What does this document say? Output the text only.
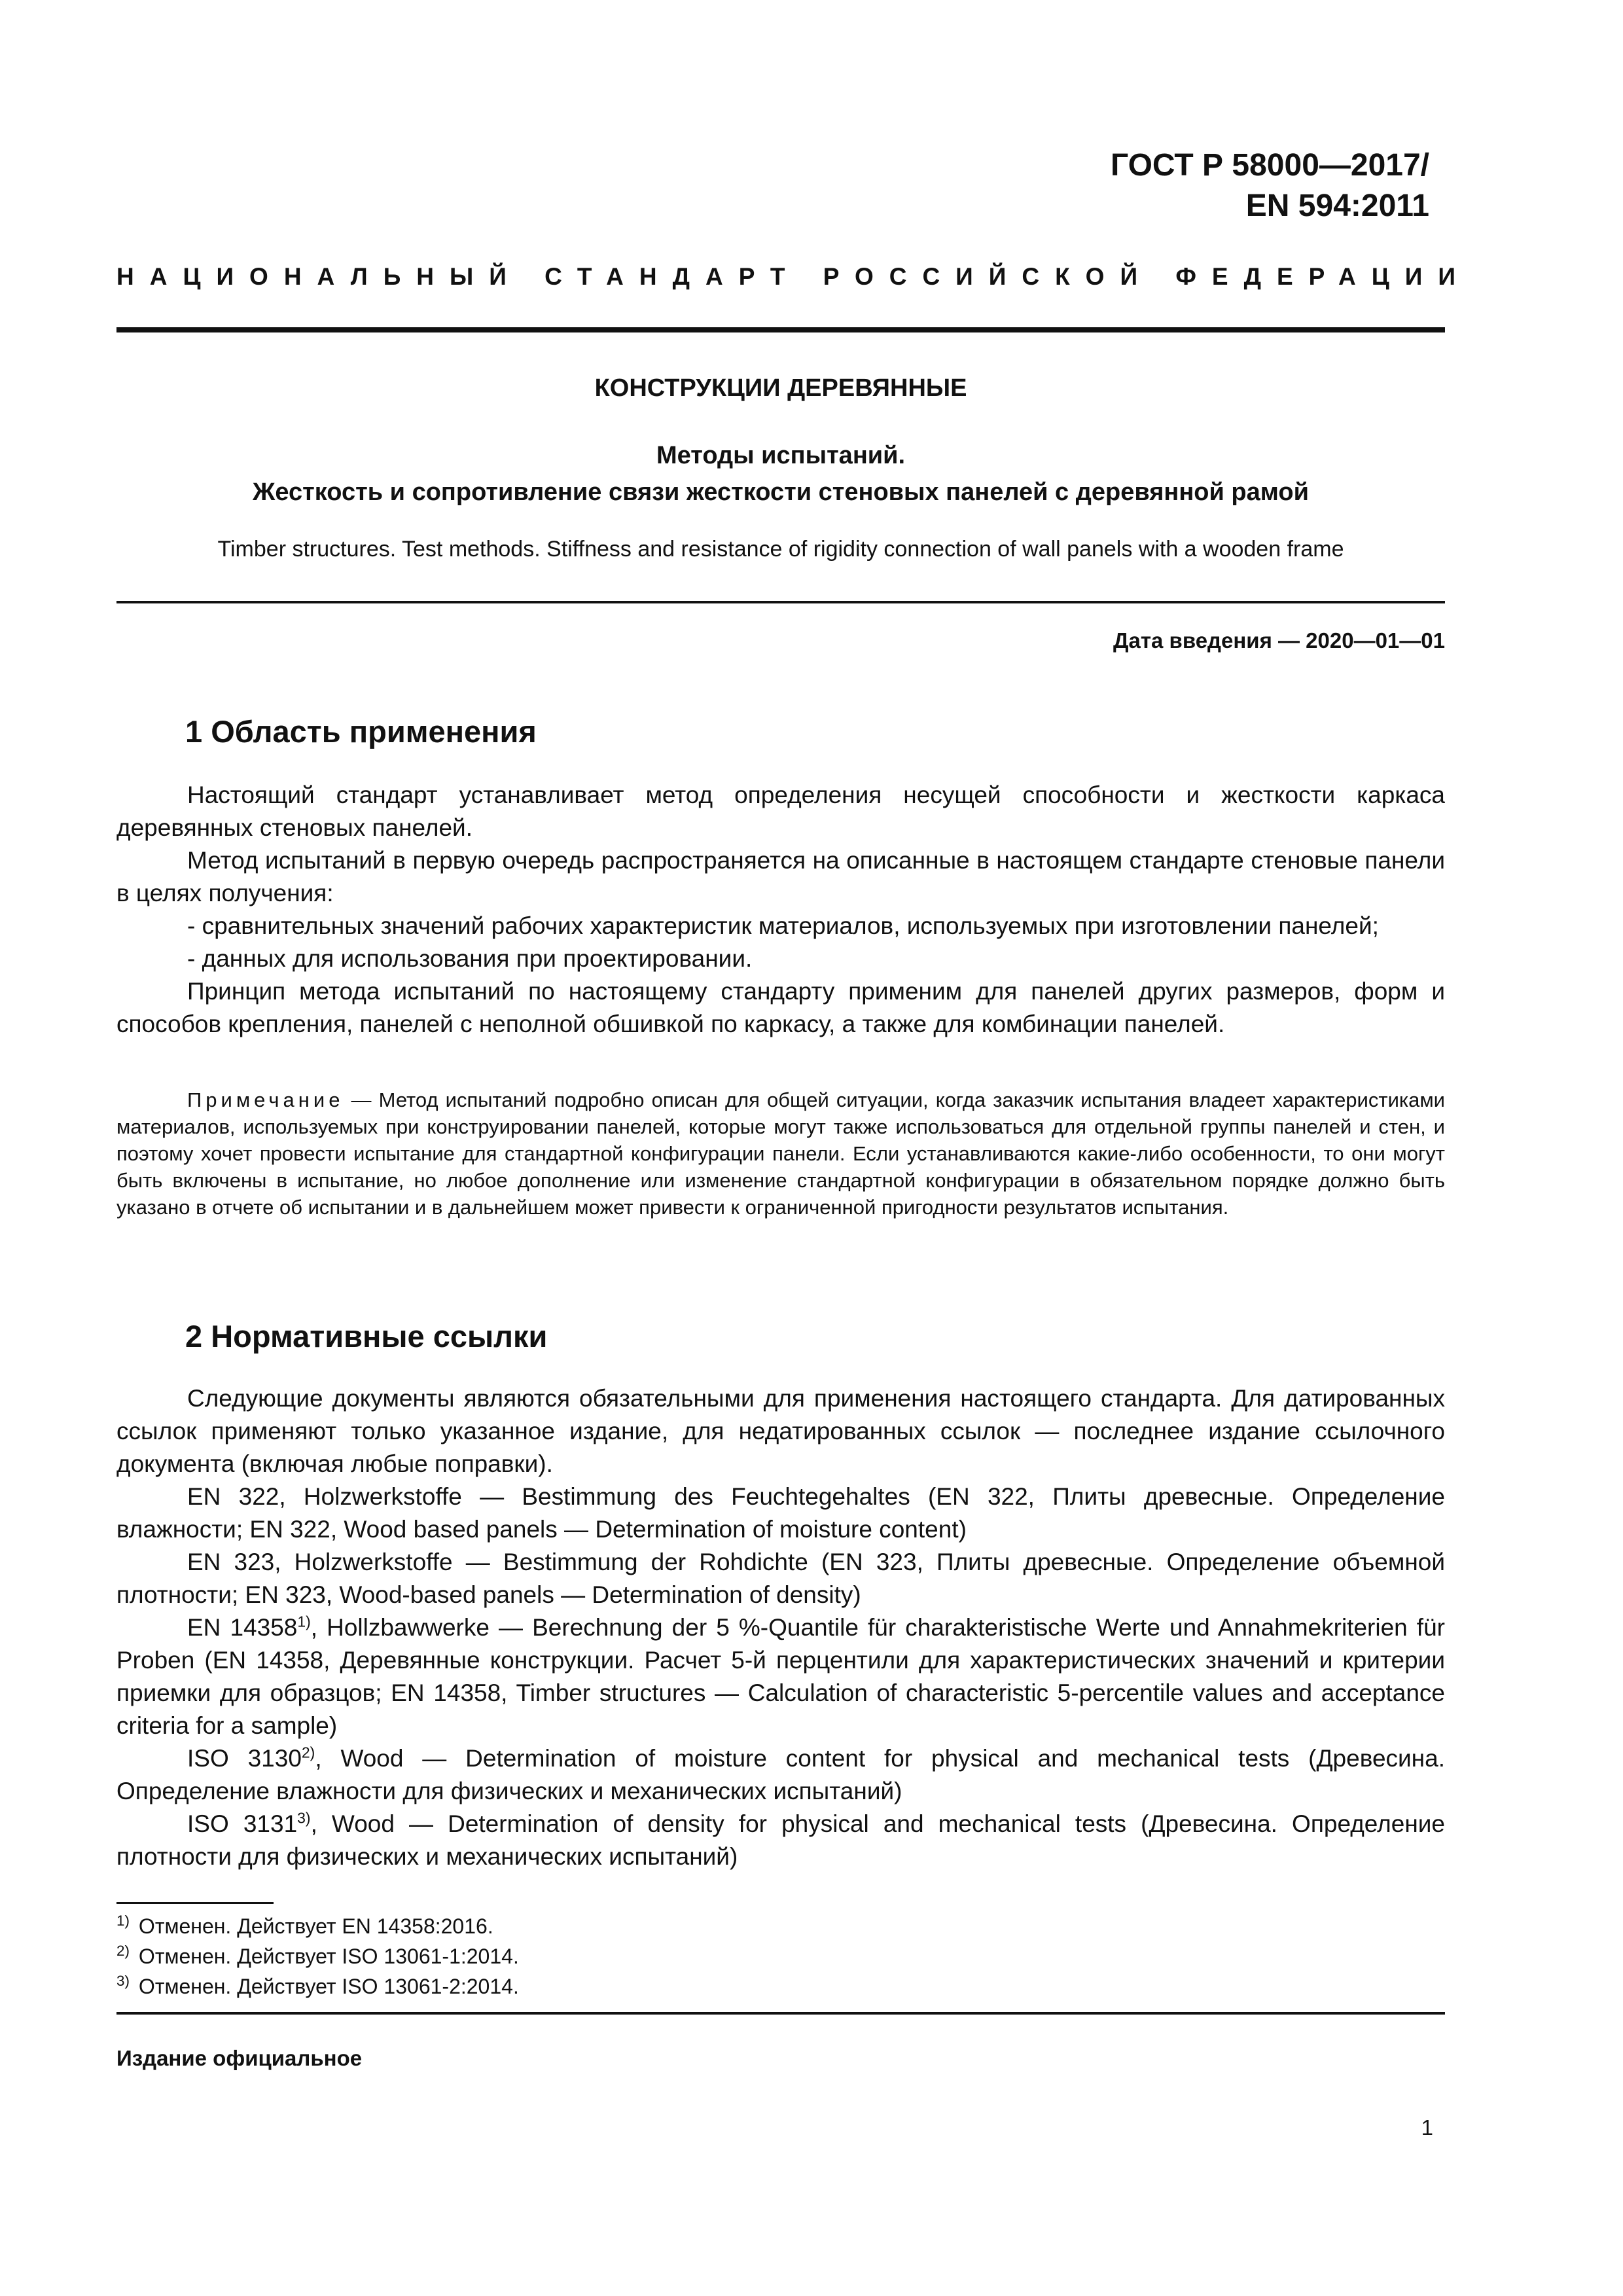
ГОСТ Р 58000—2017/
EN 594:2011
НАЦИОНАЛЬНЫЙ СТАНДАРТ РОССИЙСКОЙ ФЕДЕРАЦИИ
КОНСТРУКЦИИ ДЕРЕВЯННЫЕ
Методы испытаний.
Жесткость и сопротивление связи жесткости стеновых панелей с деревянной рамой
Timber structures. Test methods. Stiffness and resistance of rigidity connection of wall panels with a wooden frame
Дата введения — 2020—01—01
1 Область применения

Настоящий стандарт устанавливает метод определения несущей способности и жесткости каркаса деревянных стеновых панелей.

Метод испытаний в первую очередь распространяется на описанные в настоящем стандарте стеновые панели в целях получения:

- сравнительных значений рабочих характеристик материалов, используемых при изготовлении панелей;

- данных для использования при проектировании.

Принцип метода испытаний по настоящему стандарту применим для панелей других размеров, форм и способов крепления, панелей с неполной обшивкой по каркасу, а также для комбинации панелей.

Примечание — Метод испытаний подробно описан для общей ситуации, когда заказчик испытания владеет характеристиками материалов, используемых при конструировании панелей, которые могут также использоваться для отдельной группы панелей и стен, и поэтому хочет провести испытание для стандартной конфигурации панели. Если устанавливаются какие-либо особенности, то они могут быть включены в испытание, но любое дополнение или изменение стандартной конфигурации в обязательном порядке должно быть указано в отчете об испытании и в дальнейшем может привести к ограниченной пригодности результатов испытания.

2 Нормативные ссылки

Следующие документы являются обязательными для применения настоящего стандарта. Для датированных ссылок применяют только указанное издание, для недатированных ссылок — последнее издание ссылочного документа (включая любые поправки).

EN 322, Holzwerkstoffe — Bestimmung des Feuchtegehaltes (EN 322, Плиты древесные. Определение влажности; EN 322, Wood based panels — Determination of moisture content)

EN 323, Holzwerkstoffe — Bestimmung der Rohdichte (EN 323, Плиты древесные. Определение объемной плотности; EN 323, Wood-based panels — Determination of density)

EN 14358$^{1)}$, Hollzbawwerke — Berechnung der 5 %-Quantile für charakteristische Werte und Annahmekriterien für Proben (EN 14358, Деревянные конструкции. Расчет 5-й перцентили для характеристических значений и критерии приемки для образцов; EN 14358, Timber structures — Calculation of characteristic 5-percentile values and acceptance criteria for a sample)

ISO 3130$^{2)}$, Wood — Determination of moisture content for physical and mechanical tests (Древесина. Определение влажности для физических и механических испытаний)

ISO 3131$^{3)}$, Wood — Determination of density for physical and mechanical tests (Древесина. Определение плотности для физических и механических испытаний)

$^{1)}$ Отменен. Действует EN 14358:2016.
$^{2)}$ Отменен. Действует ISO 13061-1:2014.
$^{3)}$ Отменен. Действует ISO 13061-2:2014.
Издание официальное
1
